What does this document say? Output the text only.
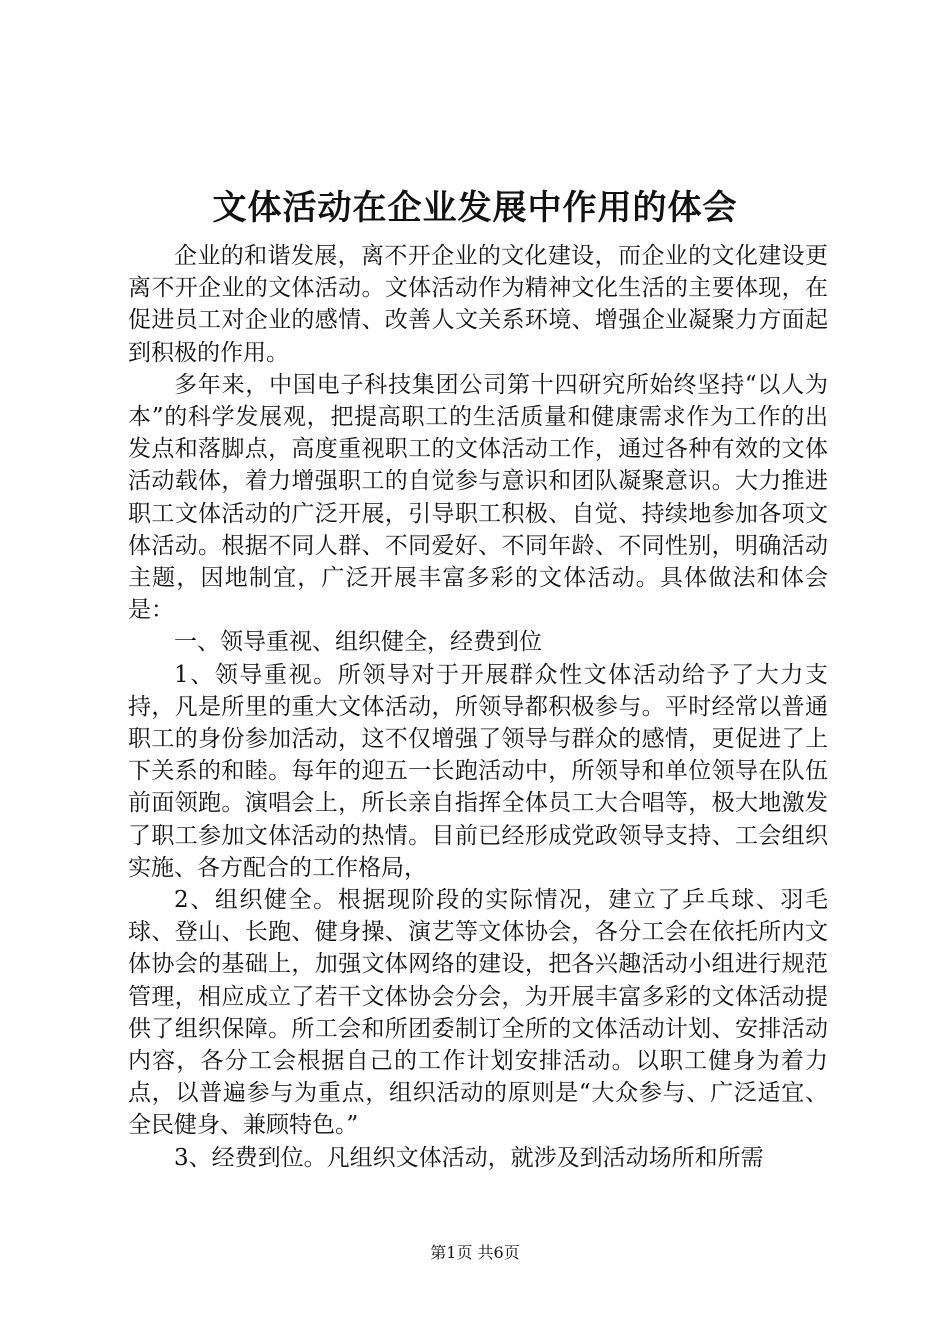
文体活动在企业发展中作用的体会

企业的和谐发展，离不开企业的文化建设，而企业的文化建设更离不开企业的文体活动。文体活动作为精神文化生活的主要体现，在促进员工对企业的感情、改善人文关系环境、增强企业凝聚力方面起到积极的作用。

多年来，中国电子科技集团公司第十四研究所始终坚持“以人为本”的科学发展观，把提高职工的生活质量和健康需求作为工作的出发点和落脚点，高度重视职工的文体活动工作，通过各种有效的文体活动载体，着力增强职工的自觉参与意识和团队凝聚意识。大力推进职工文体活动的广泛开展，引导职工积极、自觉、持续地参加各项文体活动。根据不同人群、不同爱好、不同年龄、不同性别，明确活动主题，因地制宜，广泛开展丰富多彩的文体活动。具体做法和体会是：

一、领导重视、组织健全，经费到位

1、领导重视。所领导对于开展群众性文体活动给予了大力支持，凡是所里的重大文体活动，所领导都积极参与。平时经常以普通职工的身份参加活动，这不仅增强了领导与群众的感情，更促进了上下关系的和睦。每年的迎五一长跑活动中，所领导和单位领导在队伍前面领跑。演唱会上，所长亲自指挥全体员工大合唱等，极大地激发了职工参加文体活动的热情。目前已经形成党政领导支持、工会组织实施、各方配合的工作格局，

2、组织健全。根据现阶段的实际情况，建立了乒乓球、羽毛球、登山、长跑、健身操、演艺等文体协会，各分工会在依托所内文体协会的基础上，加强文体网络的建设，把各兴趣活动小组进行规范管理，相应成立了若干文体协会分会，为开展丰富多彩的文体活动提供了组织保障。所工会和所团委制订全所的文体活动计划、安排活动内容，各分工会根据自己的工作计划安排活动。以职工健身为着力点，以普遍参与为重点，组织活动的原则是“大众参与、广泛适宜、全民健身、兼顾特色。”

3、经费到位。凡组织文体活动，就涉及到活动场所和所需

第1页 共6页
